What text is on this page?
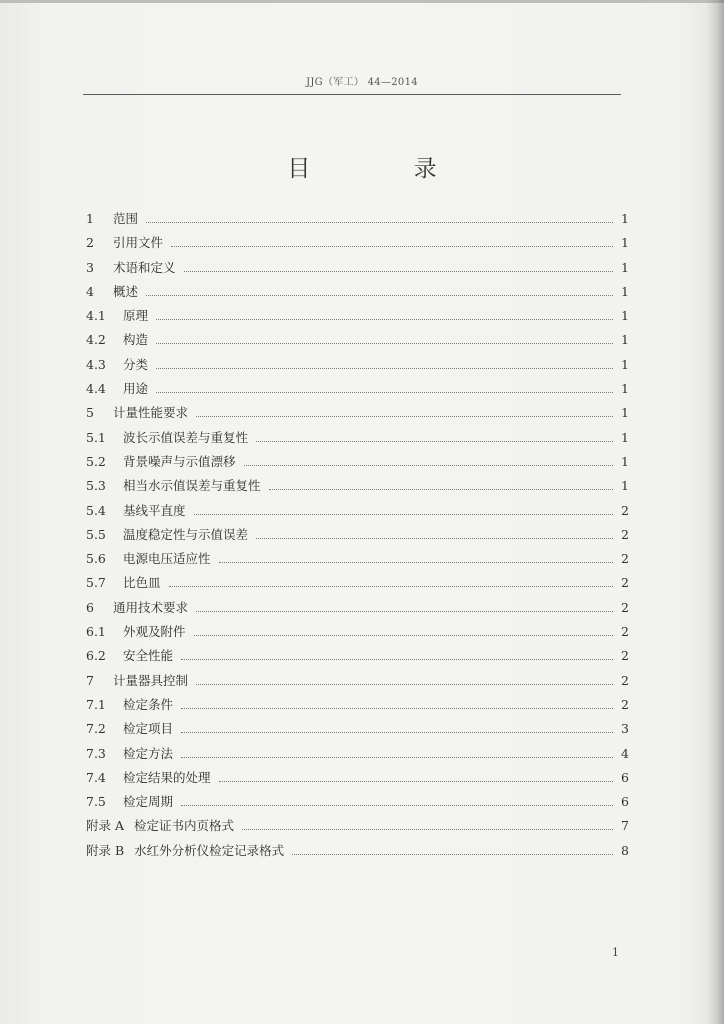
JJG（军工） 44—2014
目 录
1	范围	1
2	引用文件	1
3	术语和定义	1
4	概述	1
4.1	原理	1
4.2	构造	1
4.3	分类	1
4.4	用途	1
5	计量性能要求	1
5.1	波长示值误差与重复性	1
5.2	背景噪声与示值漂移	1
5.3	相当水示值误差与重复性	1
5.4	基线平直度	2
5.5	温度稳定性与示值误差	2
5.6	电源电压适应性	2
5.7	比色皿	2
6	通用技术要求	2
6.1	外观及附件	2
6.2	安全性能	2
7	计量器具控制	2
7.1	检定条件	2
7.2	检定项目	3
7.3	检定方法	4
7.4	检定结果的处理	6
7.5	检定周期	6
附录 A 检定证书内页格式	7
附录 B 水红外分析仪检定记录格式	8
1
